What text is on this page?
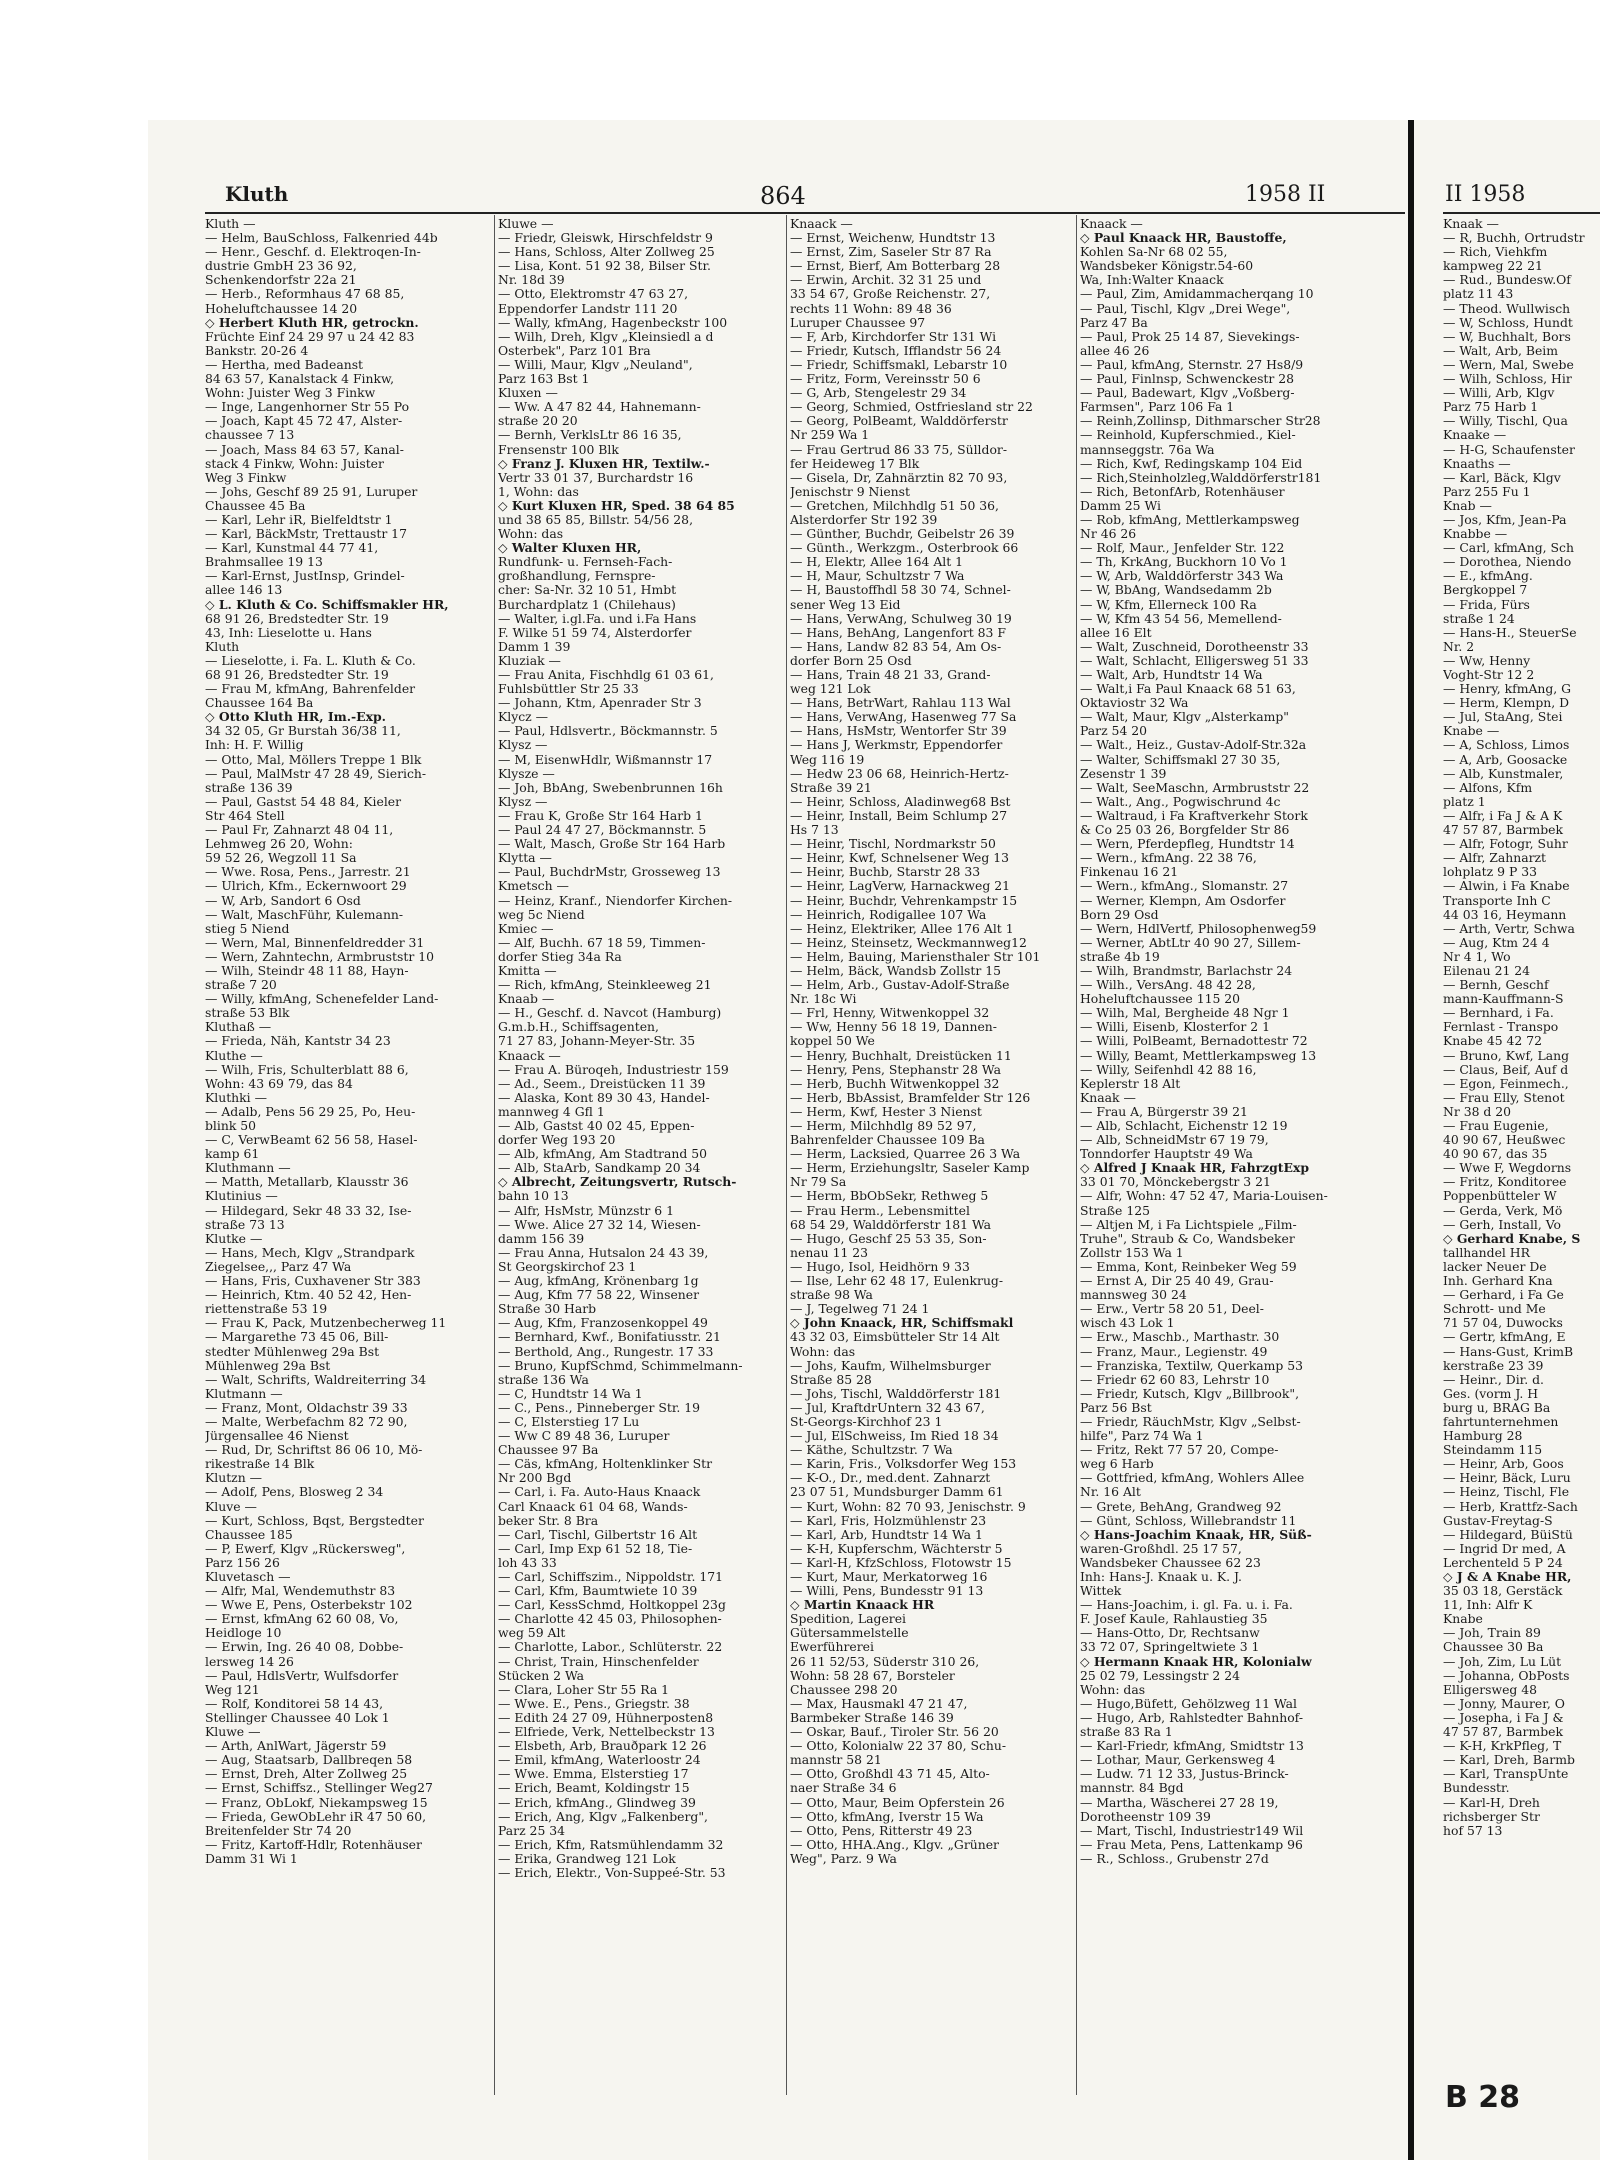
Kluth	864	1958 II	II 1958
Kluth —
— Helm, BauSchloss, Falkenried 44b
— Henr., Geschf. d. Elektroqen-In-
dustrie GmbH 23 36 92,
Schenkendorfstr 22a 21
— Herb., Reformhaus 47 68 85,
Hoheluftchaussee 14 20
◇ Herbert Kluth HR, getrockn.
Früchte Einf 24 29 97 u 24 42 83
Bankstr. 20-26 4
— Hertha, med Badeanst
84 63 57, Kanalstack 4 Finkw,
Wohn: Juister Weg 3 Finkw
— Inge, Langenhorner Str 55 Po
— Joach, Kapt 45 72 47, Alster-
chaussee 7 13
— Joach, Mass 84 63 57, Kanal-
stack 4 Finkw, Wohn: Juister
Weg 3 Finkw
— Johs, Geschf 89 25 91, Luruper
Chaussee 45 Ba
— Karl, Lehr iR, Bielfeldtstr 1
— Karl, BäckMstr, Trettaustr 17
— Karl, Kunstmal 44 77 41,
Brahmsallee 19 13
— Karl-Ernst, JustInsp, Grindel-
allee 146 13
◇ L. Kluth & Co. Schiffsmakler HR,
68 91 26, Bredstedter Str. 19
43, Inh: Lieselotte u. Hans
Kluth
— Lieselotte, i. Fa. L. Kluth & Co.
68 91 26, Bredstedter Str. 19
— Frau M, kfmAng, Bahrenfelder
Chaussee 164 Ba
◇ Otto Kluth HR, Im.-Exp.
34 32 05, Gr Burstah 36/38 11,
Inh: H. F. Willig
— Otto, Mal, Möllers Treppe 1 Blk
— Paul, MalMstr 47 28 49, Sierich-
straße 136 39
— Paul, Gastst 54 48 84, Kieler
Str 464 Stell
— Paul Fr, Zahnarzt 48 04 11,
Lehmweg 26 20, Wohn:
59 52 26, Wegzoll 11 Sa
— Wwe. Rosa, Pens., Jarrestr. 21
— Ulrich, Kfm., Eckernwoort 29
— W, Arb, Sandort 6 Osd
— Walt, MaschFühr, Kulemann-
stieg 5 Niend
— Wern, Mal, Binnenfeldredder 31
— Wern, Zahntechn, Armbruststr 10
— Wilh, Steindr 48 11 88, Hayn-
straße 7 20
— Willy, kfmAng, Schenefelder Land-
straße 53 Blk
Kluthaß —
— Frieda, Näh, Kantstr 34 23
Kluthe —
— Wilh, Fris, Schulterblatt 88 6,
Wohn: 43 69 79, das 84
Kluthki —
— Adalb, Pens 56 29 25, Po, Heu-
blink 50
— C, VerwBeamt 62 56 58, Hasel-
kamp 61
Kluthmann —
— Matth, Metallarb, Klausstr 36
Klutinius —
— Hildegard, Sekr 48 33 32, Ise-
straße 73 13
Klutke —
— Hans, Mech, Klgv „Strandpark
Ziegelsee,,, Parz 47 Wa
— Hans, Fris, Cuxhavener Str 383
— Heinrich, Ktm. 40 52 42, Hen-
riettenstraße 53 19
— Frau K, Pack, Mutzenbecherweg 11
— Margarethe 73 45 06, Bill-
stedter Mühlenweg 29a Bst
Mühlenweg 29a Bst
— Walt, Schrifts, Waldreiterring 34
Klutmann —
— Franz, Mont, Oldachstr 39 33
— Malte, Werbefachm 82 72 90,
Jürgensallee 46 Nienst
— Rud, Dr, Schriftst 86 06 10, Mö-
rikestraße 14 Blk
Klutzn —
— Adolf, Pens, Blosweg 2 34
Kluve —
— Kurt, Schloss, Bqst, Bergstedter
Chaussee 185
— P, Ewerf, Klgv „Rückersweg",
Parz 156 26
Kluvetasch —
— Alfr, Mal, Wendemuthstr 83
— Wwe E, Pens, Osterbekstr 102
— Ernst, kfmAng 62 60 08, Vo,
Heidloge 10
— Erwin, Ing. 26 40 08, Dobbe-
lersweg 14 26
— Paul, HdlsVertr, Wulfsdorfer
Weg 121
— Rolf, Konditorei 58 14 43,
Stellinger Chaussee 40 Lok 1
Kluwe —
— Arth, AnlWart, Jägerstr 59
— Aug, Staatsarb, Dallbreqen 58
— Ernst, Dreh, Alter Zollweg 25
— Ernst, Schiffsz., Stellinger Weg27
— Franz, ObLokf, Niekampsweg 15
— Frieda, GewObLehr iR 47 50 60,
Breitenfelder Str 74 20
— Fritz, Kartoff-Hdlr, Rotenhäuser
Damm 31 Wi 1
Kluwe —
— Friedr, Gleiswk, Hirschfeldstr 9
— Hans, Schloss, Alter Zollweg 25
— Lisa, Kont. 51 92 38, Bilser Str.
Nr. 18d 39
— Otto, Elektromstr 47 63 27,
Eppendorfer Landstr 111 20
— Wally, kfmAng, Hagenbeckstr 100
— Wilh, Dreh, Klgv „Kleinsiedl a d
Osterbek", Parz 101 Bra
— Willi, Maur, Klgv „Neuland",
Parz 163 Bst 1
Kluxen —
— Ww. A 47 82 44, Hahnemann-
straße 20 20
— Bernh, VerklsLtr 86 16 35,
Frensenstr 100 Blk
◇ Franz J. Kluxen HR, Textilw.-
Vertr 33 01 37, Burchardstr 16
1, Wohn: das
◇ Kurt Kluxen HR, Sped. 38 64 85
und 38 65 85, Billstr. 54/56 28,
Wohn: das
◇ Walter Kluxen HR,
Rundfunk- u. Fernseh-Fach-
großhandlung, Fernspre-
cher: Sa-Nr. 32 10 51, Hmbt
Burchardplatz 1 (Chilehaus)
— Walter, i.gl.Fa. und i.Fa Hans
F. Wilke 51 59 74, Alsterdorfer
Damm 1 39
Kluziak —
— Frau Anita, Fischhdlg 61 03 61,
Fuhlsbüttler Str 25 33
— Johann, Ktm, Apenrader Str 3
Klycz —
— Paul, Hdlsvertr., Böckmannstr. 5
Klysz —
— M, EisenwHdlr, Wißmannstr 17
Klysze —
— Joh, BbAng, Swebenbrunnen 16h
Klysz —
— Frau K, Große Str 164 Harb 1
— Paul 24 47 27, Böckmannstr. 5
— Walt, Masch, Große Str 164 Harb
Klytta —
— Paul, BuchdrMstr, Grosseweg 13
Kmetsch —
— Heinz, Kranf., Niendorfer Kirchen-
weg 5c Niend
Kmiec —
— Alf, Buchh. 67 18 59, Timmen-
dorfer Stieg 34a Ra
Kmitta —
— Rich, kfmAng, Steinkleeweg 21
Knaab —
— H., Geschf. d. Navcot (Hamburg)
G.m.b.H., Schiffsagenten,
71 27 83, Johann-Meyer-Str. 35
Knaack —
— Frau A. Büroqeh, Industriestr 159
— Ad., Seem., Dreistücken 11 39
— Alaska, Kont 89 30 43, Handel-
mannweg 4 Gfl 1
— Alb, Gastst 40 02 45, Eppen-
dorfer Weg 193 20
— Alb, kfmAng, Am Stadtrand 50
— Alb, StaArb, Sandkamp 20 34
◇ Albrecht, Zeitungsvertr, Rutsch-
bahn 10 13
— Alfr, HsMstr, Münzstr 6 1
— Wwe. Alice 27 32 14, Wiesen-
damm 156 39
— Frau Anna, Hutsalon 24 43 39,
St Georgskirchof 23 1
— Aug, kfmAng, Krönenbarg 1g
— Aug, Kfm 77 58 22, Winsener
Straße 30 Harb
— Aug, Kfm, Franzosenkoppel 49
— Bernhard, Kwf., Bonifatiusstr. 21
— Berthold, Ang., Rungestr. 17 33
— Bruno, KupfSchmd, Schimmelmann-
straße 136 Wa
— C, Hundtstr 14 Wa 1
— C., Pens., Pinneberger Str. 19
— C, Elsterstieg 17 Lu
— Ww C 89 48 36, Luruper
Chaussee 97 Ba
— Cäs, kfmAng, Holtenklinker Str
Nr 200 Bgd
— Carl, i. Fa. Auto-Haus Knaack
Carl Knaack 61 04 68, Wands-
beker Str. 8 Bra
— Carl, Tischl, Gilbertstr 16 Alt
— Carl, Imp Exp 61 52 18, Tie-
loh 43 33
— Carl, Schiffszim., Nippoldstr. 171
— Carl, Kfm, Baumtwiete 10 39
— Carl, KessSchmd, Holtkoppel 23g
— Charlotte 42 45 03, Philosophen-
weg 59 Alt
— Charlotte, Labor., Schlüterstr. 22
— Christ, Train, Hinschenfelder
Stücken 2 Wa
— Clara, Loher Str 55 Ra 1
— Wwe. E., Pens., Griegstr. 38
— Edith 24 27 09, Hühnerposten8
— Elfriede, Verk, Nettelbeckstr 13
— Elsbeth, Arb, Brauðpark 12 26
— Emil, kfmAng, Waterloostr 24
— Wwe. Emma, Elsterstieg 17
— Erich, Beamt, Koldingstr 15
— Erich, kfmAng., Glindweg 39
— Erich, Ang, Klgv „Falkenberg",
Parz 25 34
— Erich, Kfm, Ratsmühlendamm 32
— Erika, Grandweg 121 Lok
— Erich, Elektr., Von-Suppeé-Str. 53
Knaack —
— Ernst, Weichenw, Hundtstr 13
— Ernst, Zim, Saseler Str 87 Ra
— Ernst, Bierf, Am Botterbarg 28
— Erwin, Archit. 32 31 25 und
33 54 67, Große Reichenstr. 27,
rechts 11 Wohn: 89 48 36
Luruper Chaussee 97
— F, Arb, Kirchdorfer Str 131 Wi
— Friedr, Kutsch, Ifflandstr 56 24
— Friedr, Schiffsmakl, Lebarstr 10
— Fritz, Form, Vereinsstr 50 6
— G, Arb, Stengelestr 29 34
— Georg, Schmied, Ostfriesland str 22
— Georg, PolBeamt, Walddörferstr
Nr 259 Wa 1
— Frau Gertrud 86 33 75, Sülldor-
fer Heideweg 17 Blk
— Gisela, Dr, Zahnärztin 82 70 93,
Jenischstr 9 Nienst
— Gretchen, Milchhdlg 51 50 36,
Alsterdorfer Str 192 39
— Günther, Buchdr, Geibelstr 26 39
— Günth., Werkzgm., Osterbrook 66
— H, Elektr, Allee 164 Alt 1
— H, Maur, Schultzstr 7 Wa
— H, Baustoffhdl 58 30 74, Schnel-
sener Weg 13 Eid
— Hans, VerwAng, Schulweg 30 19
— Hans, BehAng, Langenfort 83 F
— Hans, Landw 82 83 54, Am Os-
dorfer Born 25 Osd
— Hans, Train 48 21 33, Grand-
weg 121 Lok
— Hans, BetrWart, Rahlau 113 Wal
— Hans, VerwAng, Hasenweg 77 Sa
— Hans, HsMstr, Wentorfer Str 39
— Hans J, Werkmstr, Eppendorfer
Weg 116 19
— Hedw 23 06 68, Heinrich-Hertz-
Straße 39 21
— Heinr, Schloss, Aladinweg68 Bst
— Heinr, Install, Beim Schlump 27
Hs 7 13
— Heinr, Tischl, Nordmarkstr 50
— Heinr, Kwf, Schnelsener Weg 13
— Heinr, Buchb, Starstr 28 33
— Heinr, LagVerw, Harnackweg 21
— Heinr, Buchdr, Vehrenkampstr 15
— Heinrich, Rodigallee 107 Wa
— Heinz, Elektriker, Allee 176 Alt 1
— Heinz, Steinsetz, Weckmannweg12
— Helm, Bauing, Mariensthaler Str 101
— Helm, Bäck, Wandsb Zollstr 15
— Helm, Arb., Gustav-Adolf-Straße
Nr. 18c Wi
— Frl, Henny, Witwenkoppel 32
— Ww, Henny 56 18 19, Dannen-
koppel 50 We
— Henry, Buchhalt, Dreistücken 11
— Henry, Pens, Stephanstr 28 Wa
— Herb, Buchh Witwenkoppel 32
— Herb, BbAssist, Bramfelder Str 126
— Herm, Kwf, Hester 3 Nienst
— Herm, Milchhdlg 89 52 97,
Bahrenfelder Chaussee 109 Ba
— Herm, Lacksied, Quarree 26 3 Wa
— Herm, Erziehungsltr, Saseler Kamp
Nr 79 Sa
— Herm, BbObSekr, Rethweg 5
— Frau Herm., Lebensmittel
68 54 29, Walddörferstr 181 Wa
— Hugo, Geschf 25 53 35, Son-
nenau 11 23
— Hugo, Isol, Heidhörn 9 33
— Ilse, Lehr 62 48 17, Eulenkrug-
straße 98 Wa
— J, Tegelweg 71 24 1
◇ John Knaack, HR, Schiffsmakl
43 32 03, Eimsbütteler Str 14 Alt
Wohn: das
— Johs, Kaufm, Wilhelmsburger
Straße 85 28
— Johs, Tischl, Walddörferstr 181
— Jul, KraftdrUntern 32 43 67,
St-Georgs-Kirchhof 23 1
— Jul, ElSchweiss, Im Ried 18 34
— Käthe, Schultzstr. 7 Wa
— Karin, Fris., Volksdorfer Weg 153
— K-O., Dr., med.dent. Zahnarzt
23 07 51, Mundsburger Damm 61
— Kurt, Wohn: 82 70 93, Jenischstr. 9
— Karl, Fris, Holzmühlenstr 23
— Karl, Arb, Hundtstr 14 Wa 1
— K-H, Kupferschm, Wächterstr 5
— Karl-H, KfzSchloss, Flotowstr 15
— Kurt, Maur, Merkatorweg 16
— Willi, Pens, Bundesstr 91 13
◇ Martin Knaack HR
Spedition, Lagerei
Gütersammelstelle
Ewerführerei
26 11 52/53, Süderstr 310 26,
Wohn: 58 28 67, Borsteler
Chaussee 298 20
— Max, Hausmakl 47 21 47,
Barmbeker Straße 146 39
— Oskar, Bauf., Tiroler Str. 56 20
— Otto, Kolonialw 22 37 80, Schu-
mannstr 58 21
— Otto, Großhdl 43 71 45, Alto-
naer Straße 34 6
— Otto, Maur, Beim Opferstein 26
— Otto, kfmAng, Iverstr 15 Wa
— Otto, Pens, Ritterstr 49 23
— Otto, HHA.Ang., Klgv. „Grüner
Weg", Parz. 9 Wa
Knaack —
◇ Paul Knaack HR, Baustoffe,
Kohlen Sa-Nr 68 02 55,
Wandsbeker Königstr.54-60
Wa, Inh:Walter Knaack
— Paul, Zim, Amidammacherqang 10
— Paul, Tischl, Klgv „Drei Wege",
Parz 47 Ba
— Paul, Prok 25 14 87, Sievekings-
allee 46 26
— Paul, kfmAng, Sternstr. 27 Hs8/9
— Paul, Finlnsp, Schwenckestr 28
— Paul, Badewart, Klgv „Voßberg-
Farmsen", Parz 106 Fa 1
— Reinh,Zollinsp, Dithmarscher Str28
— Reinhold, Kupferschmied., Kiel-
mannseggstr. 76a Wa
— Rich, Kwf, Redingskamp 104 Eid
— Rich,Steinholzleg,Walddörferstr181
— Rich, BetonfArb, Rotenhäuser
Damm 25 Wi
— Rob, kfmAng, Mettlerkampsweg
Nr 46 26
— Rolf, Maur., Jenfelder Str. 122
— Th, KrkAng, Buckhorn 10 Vo 1
— W, Arb, Walddörferstr 343 Wa
— W, BbAng, Wandsedamm 2b
— W, Kfm, Ellerneck 100 Ra
— W, Kfm 43 54 56, Memellend-
allee 16 Elt
— Walt, Zuschneid, Dorotheenstr 33
— Walt, Schlacht, Elligersweg 51 33
— Walt, Arb, Hundtstr 14 Wa
— Walt,i Fa Paul Knaack 68 51 63,
Oktaviostr 32 Wa
— Walt, Maur, Klgv „Alsterkamp"
Parz 54 20
— Walt., Heiz., Gustav-Adolf-Str.32a
— Walter, Schiffsmakl 27 30 35,
Zesenstr 1 39
— Walt, SeeMaschn, Armbruststr 22
— Walt., Ang., Pogwischrund 4c
— Waltraud, i Fa Kraftverkehr Stork
& Co 25 03 26, Borgfelder Str 86
— Wern, Pferdepfleg, Hundtstr 14
— Wern., kfmAng. 22 38 76,
Finkenau 16 21
— Wern., kfmAng., Slomanstr. 27
— Werner, Klempn, Am Osdorfer
Born 29 Osd
— Wern, HdlVertf, Philosophenweg59
— Werner, AbtLtr 40 90 27, Sillem-
straße 4b 19
— Wilh, Brandmstr, Barlachstr 24
— Wilh., VersAng. 48 42 28,
Hoheluftchaussee 115 20
— Wilh, Mal, Bergheide 48 Ngr 1
— Willi, Eisenb, Klosterfor 2 1
— Willi, PolBeamt, Bernadottestr 72
— Willy, Beamt, Mettlerkampsweg 13
— Willy, Seifenhdl 42 88 16,
Keplerstr 18 Alt
Knaak —
— Frau A, Bürgerstr 39 21
— Alb, Schlacht, Eichenstr 12 19
— Alb, SchneidMstr 67 19 79,
Tonndorfer Hauptstr 49 Wa
◇ Alfred J Knaak HR, FahrzgtExp
33 01 70, Mönckebergstr 3 21
— Alfr, Wohn: 47 52 47, Maria-Louisen-
Straße 125
— Altjen M, i Fa Lichtspiele „Film-
Truhe", Straub & Co, Wandsbeker
Zollstr 153 Wa 1
— Emma, Kont, Reinbeker Weg 59
— Ernst A, Dir 25 40 49, Grau-
mannsweg 30 24
— Erw., Vertr 58 20 51, Deel-
wisch 43 Lok 1
— Erw., Maschb., Marthastr. 30
— Franz, Maur., Legienstr. 49
— Franziska, Textilw, Querkamp 53
— Friedr 62 60 83, Lehrstr 10
— Friedr, Kutsch, Klgv „Billbrook",
Parz 56 Bst
— Friedr, RäuchMstr, Klgv „Selbst-
hilfe", Parz 74 Wa 1
— Fritz, Rekt 77 57 20, Compe-
weg 6 Harb
— Gottfried, kfmAng, Wohlers Allee
Nr. 16 Alt
— Grete, BehAng, Grandweg 92
— Günt, Schloss, Willebrandstr 11
◇ Hans-Joachim Knaak, HR, Süß-
waren-Großhdl. 25 17 57,
Wandsbeker Chaussee 62 23
Inh: Hans-J. Knaak u. K. J.
Wittek
— Hans-Joachim, i. gl. Fa. u. i. Fa.
F. Josef Kaule, Rahlaustieg 35
— Hans-Otto, Dr, Rechtsanw
33 72 07, Springeltwiete 3 1
◇ Hermann Knaak HR, Kolonialw
25 02 79, Lessingstr 2 24
Wohn: das
— Hugo,Büfett, Gehölzweg 11 Wal
— Hugo, Arb, Rahlstedter Bahnhof-
straße 83 Ra 1
— Karl-Friedr, kfmAng, Smidtstr 13
— Lothar, Maur, Gerkensweg 4
— Ludw. 71 12 33, Justus-Brinck-
mannstr. 84 Bgd
— Martha, Wäscherei 27 28 19,
Dorotheenstr 109 39
— Mart, Tischl, Industriestr149 Wil
— Frau Meta, Pens, Lattenkamp 96
— R., Schloss., Grubenstr 27d
Knaak —
— R, Buchh, Ortrudstr
— Rich, Viehkfm
kampweg 22 21
— Rud., Bundesw.Of
platz 11 43
— Theod. Wullwisch
— W, Schloss, Hundt
— W, Buchhalt, Bors
— Walt, Arb, Beim
— Wern, Mal, Swebe
— Wilh, Schloss, Hir
— Willi, Arb, Klgv
Parz 75 Harb 1
— Willy, Tischl, Qua
Knaake —
— H-G, Schaufenster
Knaaths —
— Karl, Bäck, Klgv
Parz 255 Fu 1
Knab —
— Jos, Kfm, Jean-Pa
Knabbe —
— Carl, kfmAng, Sch
— Dorothea, Niendo
— E., kfmAng.
Bergkoppel 7
— Frida, Fürs
straße 1 24
— Hans-H., SteuerSe
Nr. 2
— Ww, Henny
Voght-Str 12 2
— Henry, kfmAng, G
— Herm, Klempn, D
— Jul, StaAng, Stei
Knabe —
— A, Schloss, Limos
— A, Arb, Goosacke
— Alb, Kunstmaler,
— Alfons, Kfm
platz 1
— Alfr, i Fa J & A K
47 57 87, Barmbek
— Alfr, Fotogr, Suhr
— Alfr, Zahnarzt
lohplatz 9 P 33
— Alwin, i Fa Knabe
Transporte Inh C
44 03 16, Heymann
— Arth, Vertr, Schwa
— Aug, Ktm 24 4
Nr 4 1, Wo
Eilenau 21 24
— Bernh, Geschf
mann-Kauffmann-S
— Bernhard, i Fa.
Fernlast - Transpo
Knabe 45 42 72
— Bruno, Kwf, Lang
— Claus, Beif, Auf d
— Egon, Feinmech.,
— Frau Elly, Stenot
Nr 38 d 20
— Frau Eugenie,
40 90 67, Heußwec
40 90 67, das 35
— Wwe F, Wegdorns
— Fritz, Konditoree
Poppenbütteler W
— Gerda, Verk, Mö
— Gerh, Install, Vo
◇ Gerhard Knabe, S
tallhandel HR
lacker Neuer De
Inh. Gerhard Kna
— Gerhard, i Fa Ge
Schrott- und Me
71 57 04, Duwocks
— Gertr, kfmAng, E
— Hans-Gust, KrimB
kerstraße 23 39
— Heinr., Dir. d.
Ges. (vorm J. H
burg u, BRAG Ba
fahrtunternehmen
Hamburg 28
Steindamm 115
— Heinr, Arb, Goos
— Heinr, Bäck, Luru
— Heinz, Tischl, Fle
— Herb, Krattfz-Sach
Gustav-Freytag-S
— Hildegard, BüiStü
— Ingrid Dr med, A
Lerchenteld 5 P 24
◇ J & A Knabe HR,
35 03 18, Gerstäck
11, Inh: Alfr K
Knabe
— Joh, Train 89
Chaussee 30 Ba
— Joh, Zim, Lu Lüt
— Johanna, ObPosts
Elligersweg 48
— Jonny, Maurer, O
— Josepha, i Fa J &
47 57 87, Barmbek
— K-H, KrkPfleg, T
— Karl, Dreh, Barmb
— Karl, TranspUnte
Bundesstr.
— Karl-H, Dreh
richsberger Str
hof 57 13
B 28
